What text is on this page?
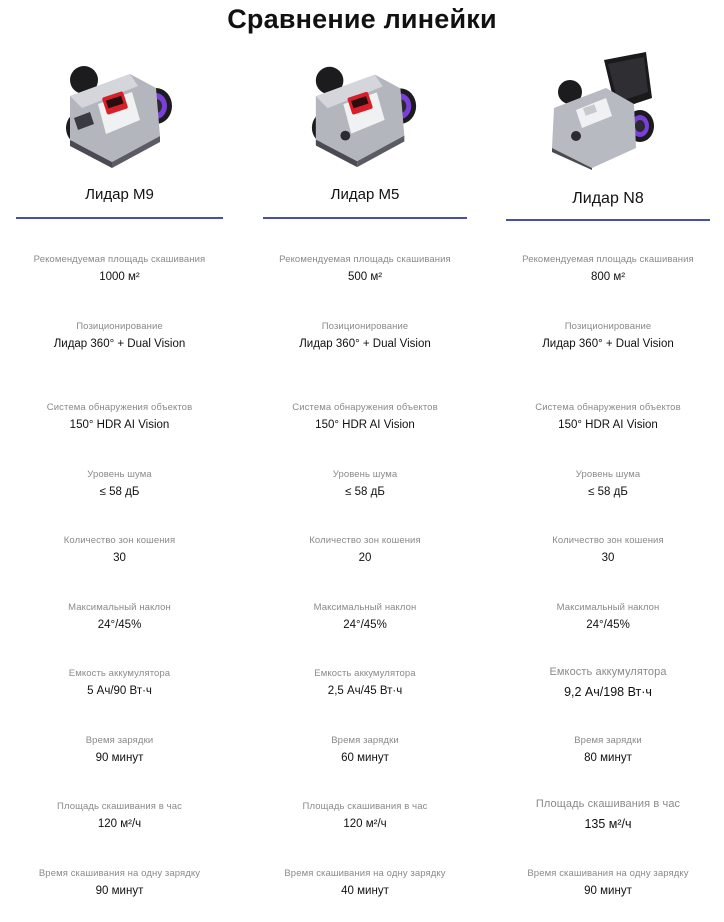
Сравнение линейки
Лидар M9
Рекомендуемая площадь скашивания
1000 м²
Позиционирование
Лидар 360° + Dual Vision
Система обнаружения объектов
150° HDR AI Vision
Уровень шума
≤ 58 дБ
Количество зон кошения
30
Максимальный наклон
24°/45%
Емкость аккумулятора
5 Ач/90 Вт·ч
Время зарядки
90 минут
Площадь скашивания в час
120 м²/ч
Время скашивания на одну зарядку
90 минут
Лидар M5
Рекомендуемая площадь скашивания
500 м²
Позиционирование
Лидар 360° + Dual Vision
Система обнаружения объектов
150° HDR AI Vision
Уровень шума
≤ 58 дБ
Количество зон кошения
20
Максимальный наклон
24°/45%
Емкость аккумулятора
2,5 Ач/45 Вт·ч
Время зарядки
60 минут
Площадь скашивания в час
120 м²/ч
Время скашивания на одну зарядку
40 минут
Лидар N8
Рекомендуемая площадь скашивания
800 м²
Позиционирование
Лидар 360° + Dual Vision
Система обнаружения объектов
150° HDR AI Vision
Уровень шума
≤ 58 дБ
Количество зон кошения
30
Максимальный наклон
24°/45%
Емкость аккумулятора
9,2 Ач/198 Вт·ч
Время зарядки
80 минут
Площадь скашивания в час
135 м²/ч
Время скашивания на одну зарядку
90 минут
